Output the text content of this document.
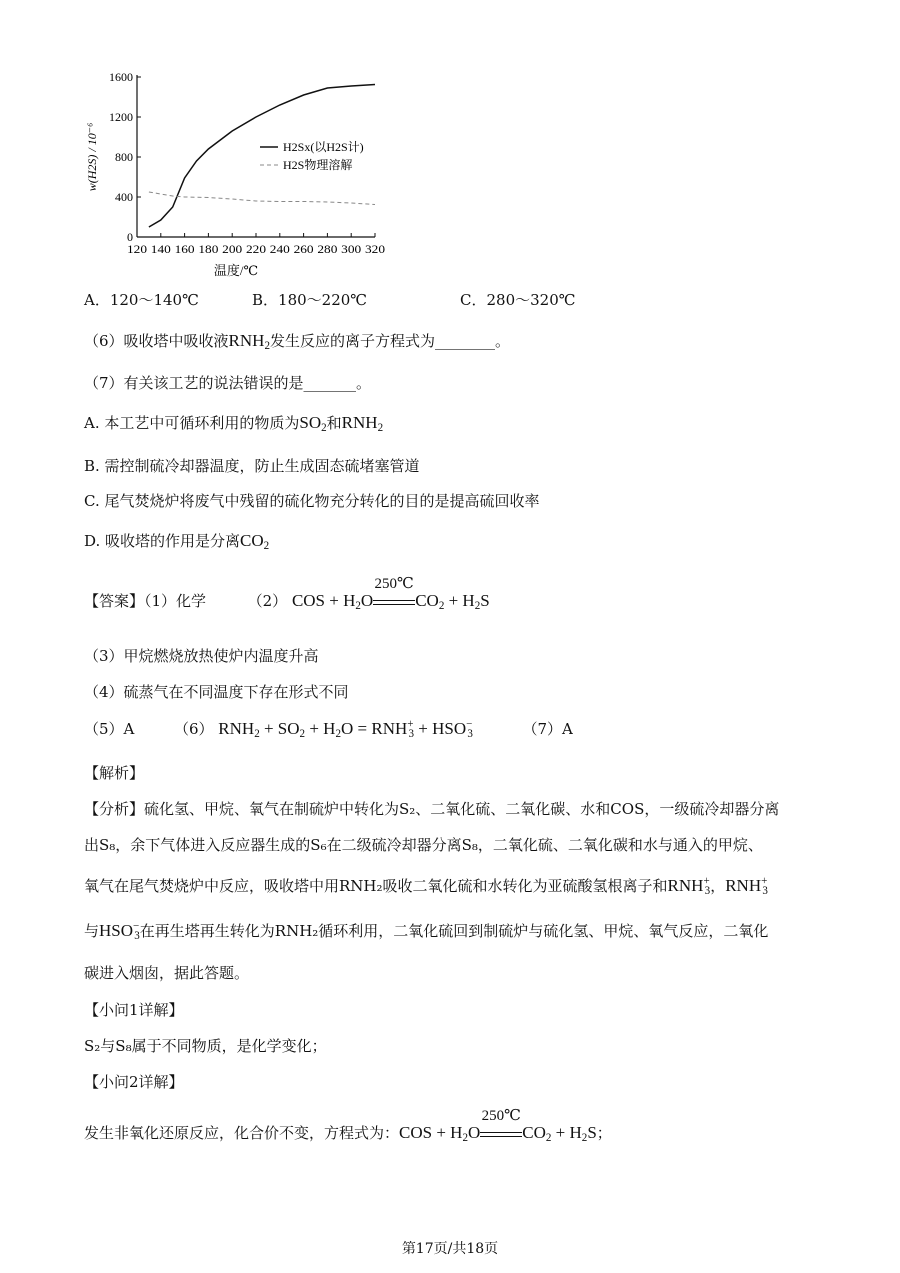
0
400
800
1200
1600
120 140 160 180 200 220 240 260 280 300 320
温度/℃
w(H2S) / 10⁻⁶	H2Sx(以H2S计)
H2S物理溶解
A．120～140℃	B．180～220℃	C．280～320℃
（6）吸收塔中吸收液$RNH_2$发生反应的离子方程式为________。
（7）有关该工艺的说法错误的是_______。
A. 本工艺中可循环利用的物质为$SO_2$和$RNH_2$
B. 需控制硫冷却器温度，防止生成固态硫堵塞管道
C. 尾气焚烧炉将废气中残留的硫化物充分转化的目的是提高硫回收率
D. 吸收塔的作用是分离$CO_2$
【答案】（1）化学	（2） COS + $H_2O$
250℃
$CO_2 + H_2S$
（3）甲烷燃烧放热使炉内温度升高
（4）硫蒸气在不同温度下存在形式不同
（5）A	（6） $RNH_2 + SO_2 + H_2O = RNH^+_3 + HSO^-_3$	（7）A
【解析】
【分析】硫化氢、甲烷、氧气在制硫炉中转化为S₂、二氧化硫、二氧化碳、水和COS，一级硫冷却器分离
出S₈，余下气体进入反应器生成的S₆在二级硫冷却器分离S₈，二氧化硫、二氧化碳和水与通入的甲烷、
氧气在尾气焚烧炉中反应，吸收塔中用RNH₂吸收二氧化硫和水转化为亚硫酸氢根离子和$RNH^+_3$，$RNH^+_3$
与$HSO^-_3$在再生塔再生转化为RNH₂循环利用，二氧化硫回到制硫炉与硫化氢、甲烷、氧气反应，二氧化
碳进入烟囱，据此答题。
【小问1详解】
S₂与S₈属于不同物质，是化学变化；
【小问2详解】
发生非氧化还原反应，化合价不变，方程式为：COS + $H_2O$
250℃
$CO_2 + H_2S$；
第17页/共18页
